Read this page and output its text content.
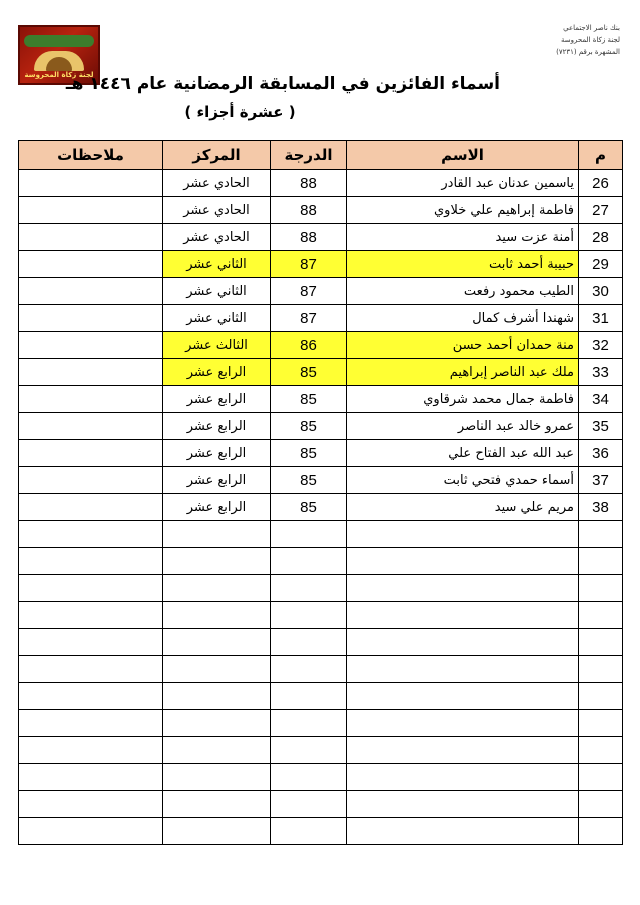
بنك ناصر الاجتماعي
لجنة زكاة المحروسة
المشهرة برقم (٧٢٣١)
لجنة زكاة المحروسة
أسماء الفائزين في المسابقة الرمضانية عام ١٤٤٦ هـ
( عشرة أجزاء )
م	الاسم	الدرجة	المركز	ملاحظات
26	ياسمين عدنان عبد القادر	88	الحادي عشر	
27	فاطمة إبراهيم علي خلاوي	88	الحادي عشر	
28	أمنة عزت سيد	88	الحادي عشر	
29	حبيبة أحمد ثابت	87	الثاني عشر	
30	الطيب محمود رفعت	87	الثاني عشر	
31	شهندا أشرف كمال	87	الثاني عشر	
32	منة حمدان أحمد حسن	86	الثالث عشر	
33	ملك عبد الناصر إبراهيم	85	الرابع عشر	
34	فاطمة جمال محمد شرقاوي	85	الرابع عشر	
35	عمرو خالد عبد الناصر	85	الرابع عشر	
36	عبد الله عبد الفتاح علي	85	الرابع عشر	
37	أسماء حمدي فتحي ثابت	85	الرابع عشر	
38	مريم علي سيد	85	الرابع عشر	
